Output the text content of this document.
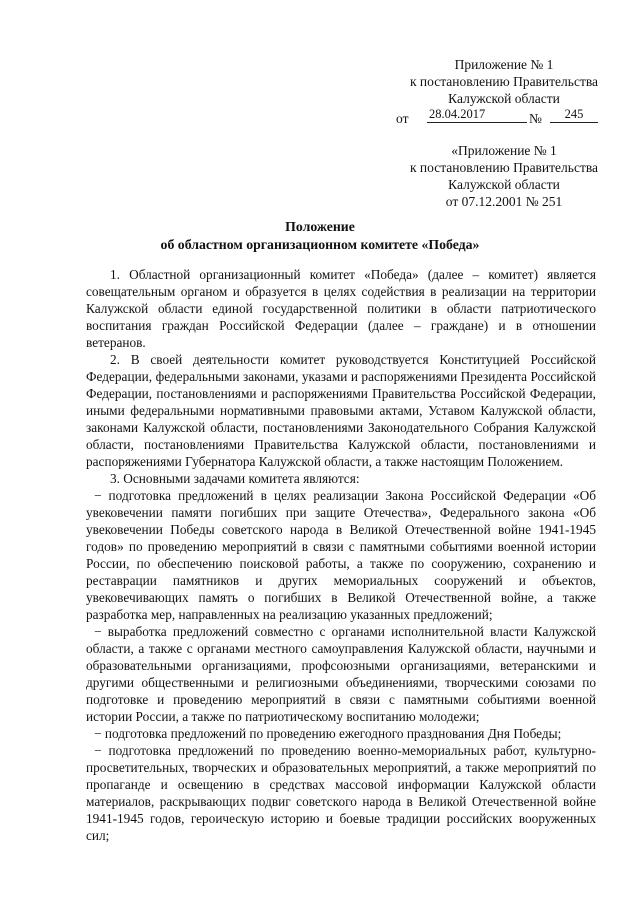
Приложение № 1
к постановлению Правительства
Калужской области
от 28.04.2017	№	245
«Приложение № 1
к постановлению Правительства
Калужской области
от 07.12.2001 № 251
Положение
об областном организационном комитете «Победа»

1. Областной организационный комитет «Победа» (далее – комитет) является совещательным органом и образуется в целях содействия в реализации на территории Калужской области единой государственной политики в области патриотического воспитания граждан Российской Федерации (далее – граждане) и в отношении ветеранов.

2. В своей деятельности комитет руководствуется Конституцией Российской Федерации, федеральными законами, указами и распоряжениями Президента Российской Федерации, постановлениями и распоряжениями Правительства Российской Федерации, иными федеральными нормативными правовыми актами, Уставом Калужской области, законами Калужской области, постановлениями Законодательного Собрания Калужской области, постановлениями Правительства Калужской области, постановлениями и распоряжениями Губернатора Калужской области, а также настоящим Положением.

3. Основными задачами комитета являются:

− подготовка предложений в целях реализации Закона Российской Федерации «Об увековечении памяти погибших при защите Отечества», Федерального закона «Об увековечении Победы советского народа в Великой Отечественной войне 1941-1945 годов» по проведению мероприятий в связи с памятными событиями военной истории России, по обеспечению поисковой работы, а также по сооружению, сохранению и реставрации памятников и других мемориальных сооружений и объектов, увековечивающих память о погибших в Великой Отечественной войне, а также разработка мер, направленных на реализацию указанных предложений;

− выработка предложений совместно с органами исполнительной власти Калужской области, а также с органами местного самоуправления Калужской области, научными и образовательными организациями, профсоюзными организациями, ветеранскими и другими общественными и религиозными объединениями, творческими союзами по подготовке и проведению мероприятий в связи с памятными событиями военной истории России, а также по патриотическому воспитанию молодежи;

− подготовка предложений по проведению ежегодного празднования Дня Победы;

− подготовка предложений по проведению военно-мемориальных работ, культурно-просветительных, творческих и образовательных мероприятий, а также мероприятий по пропаганде и освещению в средствах массовой информации Калужской области материалов, раскрывающих подвиг советского народа в Великой Отечественной войне 1941-1945 годов, героическую историю и боевые традиции российских вооруженных сил;
